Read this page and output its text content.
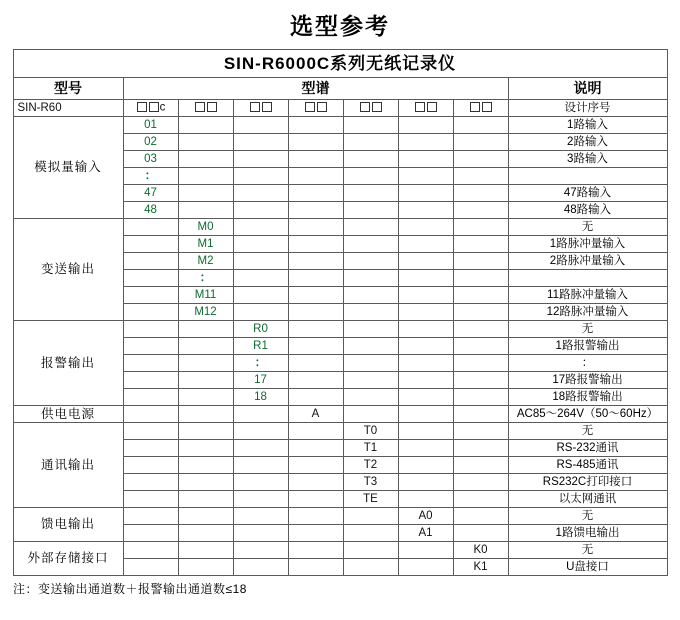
选型参考
SIN-R6000C系列无纸记录仪								
型号	型谱							说明
SIN-R60	c							设计序号
模拟量输入	01							1路输入
	02							2路输入
	03							3路输入
	：							
	47							47路输入
	48							48路输入
变送输出		M0						无
		M1						1路脉冲量输入
		M2						2路脉冲量输入
		：						
		M11						11路脉冲量输入
		M12						12路脉冲量输入
报警输出			R0					无
			R1					1路报警输出
			：					：
			17					17路报警输出
			18					18路报警输出
供电电源				A				AC85～264V（50～60Hz）
通讯输出					T0			无
					T1			RS-232通讯
					T2			RS-485通讯
					T3			RS232C打印接口
					TE			以太网通讯
馈电输出						A0		无
						A1		1路馈电输出
外部存储接口							K0	无
							K1	U盘接口
注：变送输出通道数＋报警输出通道数≤18
